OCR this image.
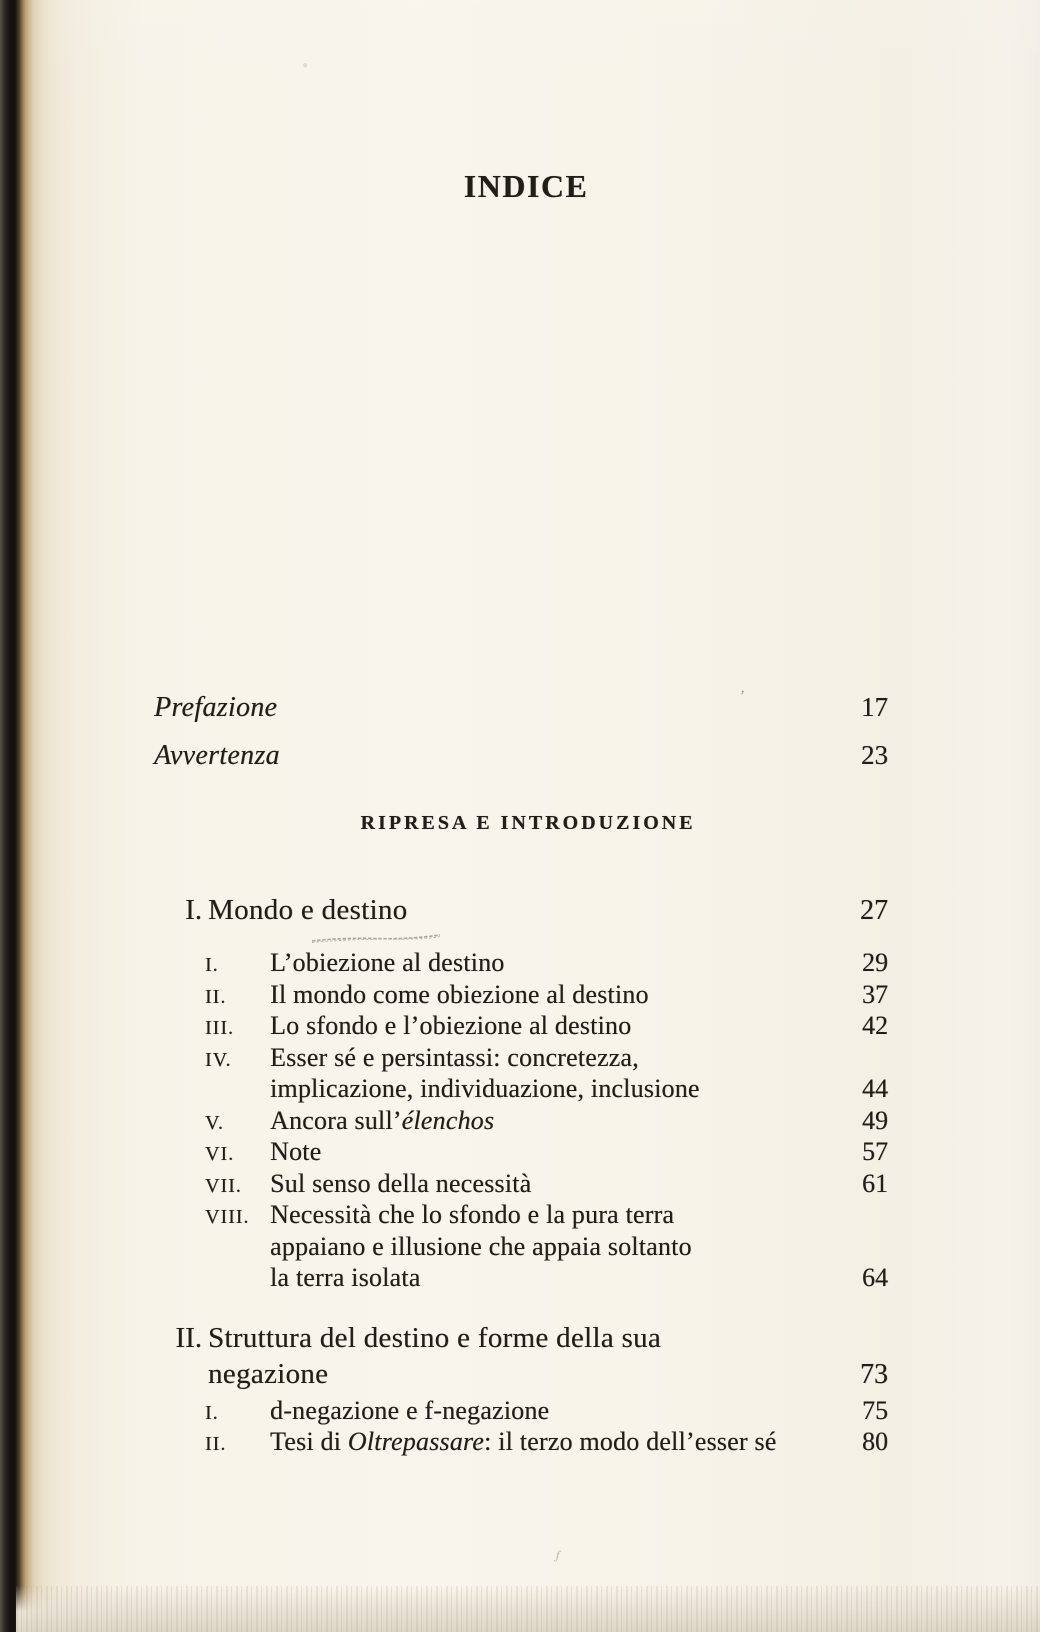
INDICE
Prefazione	17
Avvertenza	23
RIPRESA E INTRODUZIONE
I. Mondo e destino	27
I. L’obiezione al destino	29
II. Il mondo come obiezione al destino	37
III. Lo sfondo e l’obiezione al destino	42
IV. Esser sé e persintassi: concretezza,
implicazione, individuazione, inclusione	44
V. Ancora sull’élenchos	49
VI. Note	57
VII. Sul senso della necessità	61
VIII. Necessità che lo sfondo e la pura terra
appaiano e illusione che appaia soltanto
la terra isolata	64
II. Struttura del destino e forme della sua
negazione	73
I. d-negazione e f-negazione	75
II. Tesi di Oltrepassare: il terzo modo dell’esser sé	80
’
𝆑
●
